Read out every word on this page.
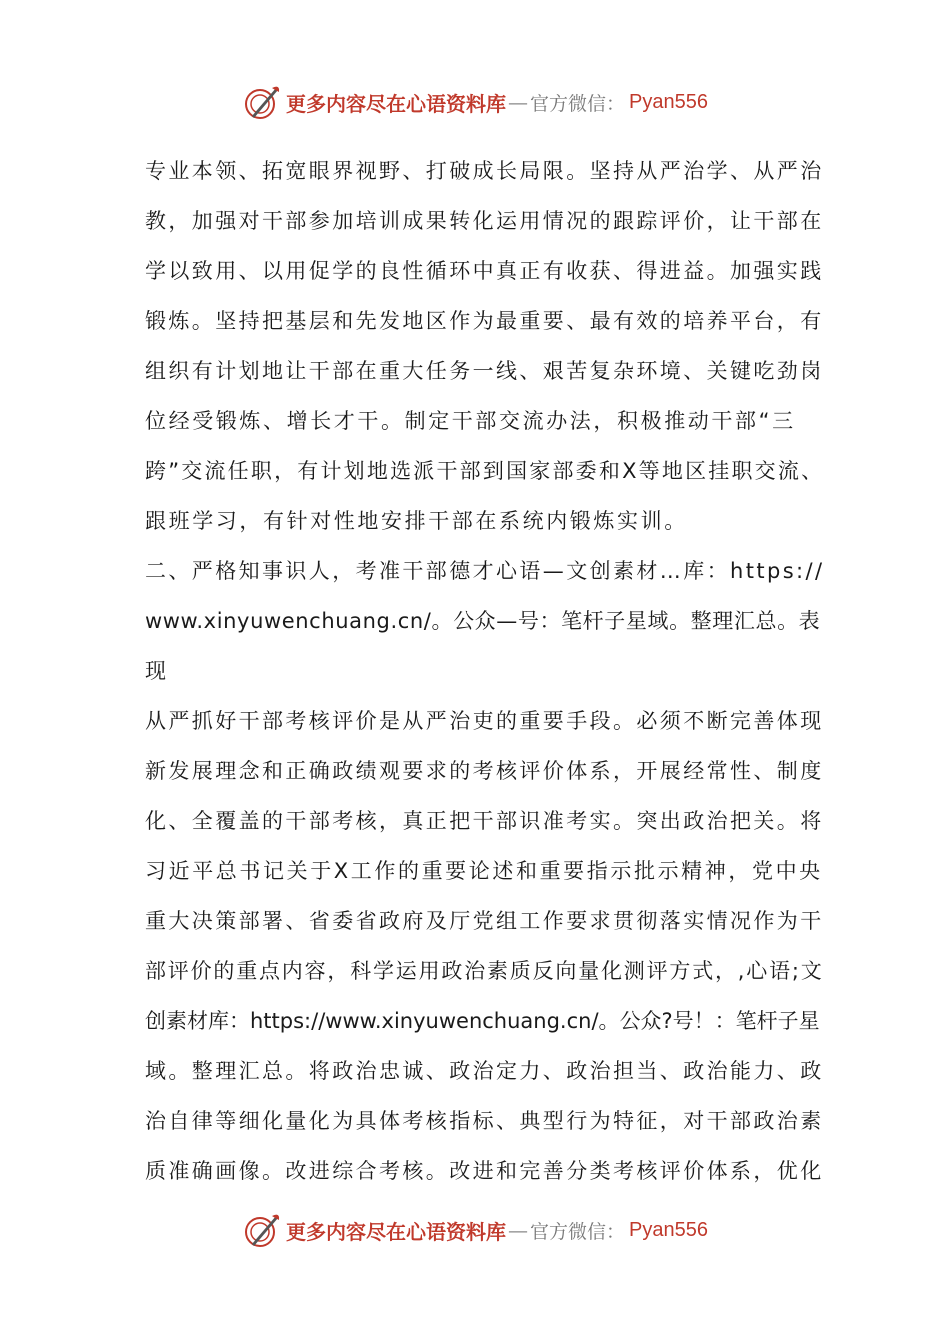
更多内容尽在心语资料库 — 官方微信： Pyan556
专业本领、拓宽眼界视野、打破成长局限。坚持从严治学、从严治
教，加强对干部参加培训成果转化运用情况的跟踪评价，让干部在
学以致用、以用促学的良性循环中真正有收获、得进益。加强实践
锻炼。坚持把基层和先发地区作为最重要、最有效的培养平台，有
组织有计划地让干部在重大任务一线、艰苦复杂环境、关键吃劲岗
位经受锻炼、增长才干。制定干部交流办法，积极推动干部“三
跨”交流任职，有计划地选派干部到国家部委和X等地区挂职交流、
跟班学习，有针对性地安排干部在系统内锻炼实训。
二、严格知事识人，考准干部德才心语—文创素材…库：https://
www.xinyuwenchuang.cn/。公众—号：笔杆子星域。整理汇总。表
现
从严抓好干部考核评价是从严治吏的重要手段。必须不断完善体现
新发展理念和正确政绩观要求的考核评价体系，开展经常性、制度
化、全覆盖的干部考核，真正把干部识准考实。突出政治把关。将
习近平总书记关于X工作的重要论述和重要指示批示精神，党中央
重大决策部署、省委省政府及厅党组工作要求贯彻落实情况作为干
部评价的重点内容，科学运用政治素质反向量化测评方式，,心语;文
创素材库：https://www.xinyuwenchuang.cn/。公众?号！：笔杆子星
域。整理汇总。将政治忠诚、政治定力、政治担当、政治能力、政
治自律等细化量化为具体考核指标、典型行为特征，对干部政治素
质准确画像。改进综合考核。改进和完善分类考核评价体系，优化
更多内容尽在心语资料库 — 官方微信： Pyan556
